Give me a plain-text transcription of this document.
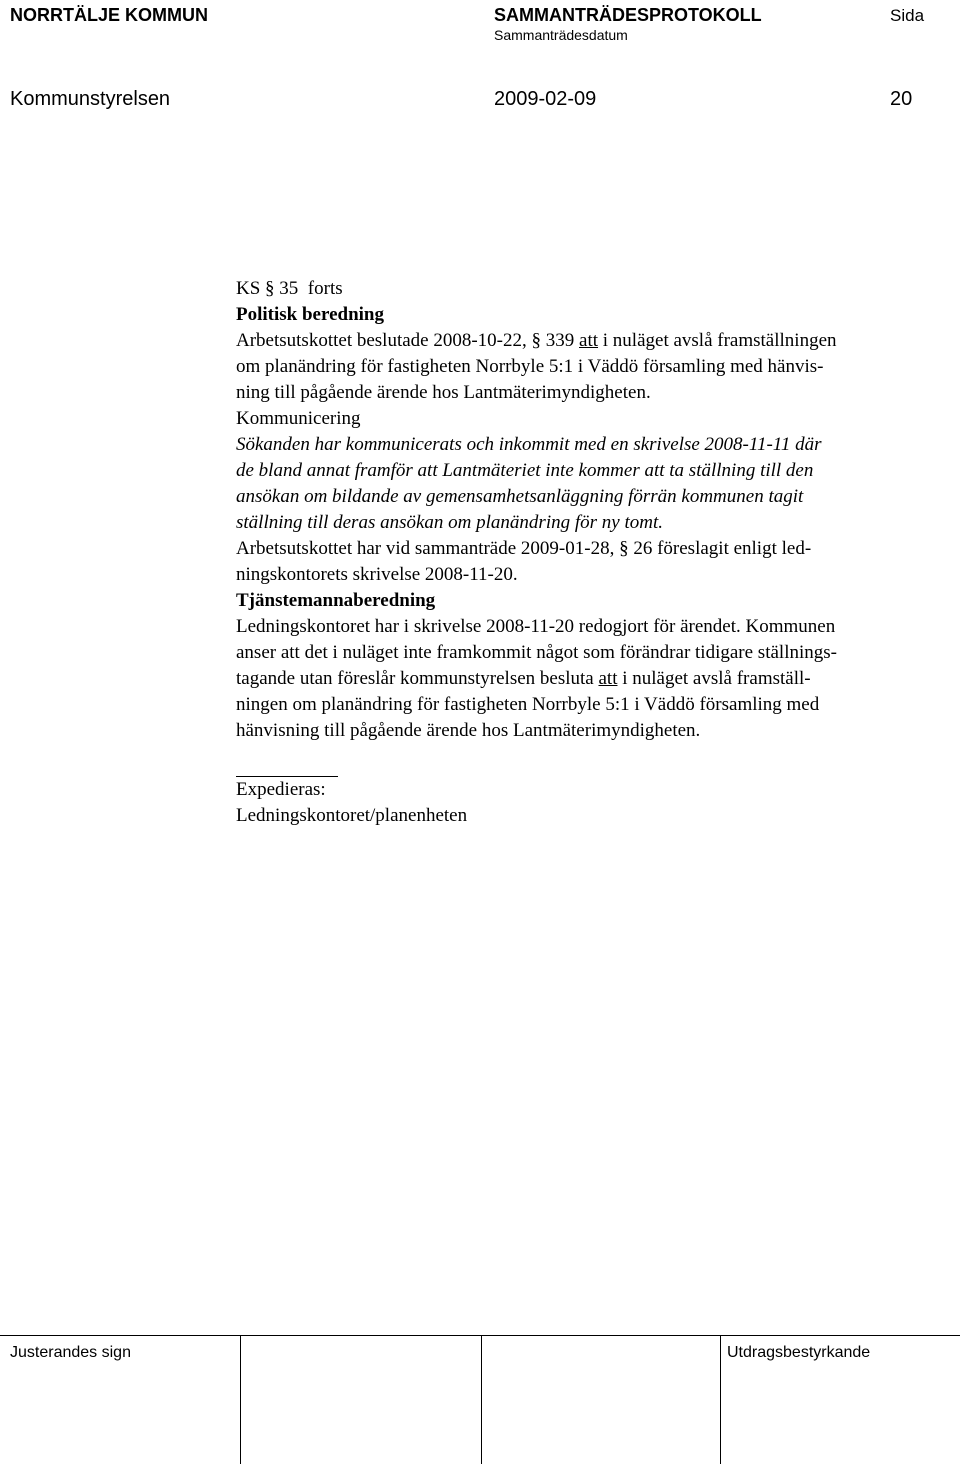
NORRTÄLJE KOMMUN	SAMMANTRÄDESPROTOKOLL	Sida
Sammanträdesdatum
Kommunstyrelsen	2009-02-09	20

KS § 35 forts

Politisk beredning

Arbetsutskottet beslutade 2008-10-22, § 339 att i nuläget avslå framställningen
om planändring för fastigheten Norrbyle 5:1 i Väddö församling med hänvis-
ning till pågående ärende hos Lantmäterimyndigheten.

Kommunicering

Sökanden har kommunicerats och inkommit med en skrivelse 2008-11-11 där
de bland annat framför att Lantmäteriet inte kommer att ta ställning till den
ansökan om bildande av gemensamhetsanläggning förrän kommunen tagit
ställning till deras ansökan om planändring för ny tomt.

Arbetsutskottet har vid sammanträde 2009-01-28, § 26 föreslagit enligt led-
ningskontorets skrivelse 2008-11-20.

Tjänstemannaberedning

Ledningskontoret har i skrivelse 2008-11-20 redogjort för ärendet. Kommunen
anser att det i nuläget inte framkommit något som förändrar tidigare ställnings-
tagande utan föreslår kommunstyrelsen besluta att i nuläget avslå framställ-
ningen om planändring för fastigheten Norrbyle 5:1 i Väddö församling med
hänvisning till pågående ärende hos Lantmäterimyndigheten.

Expedieras:

Ledningskontoret/planenheten

Justerandes sign	Utdragsbestyrkande
